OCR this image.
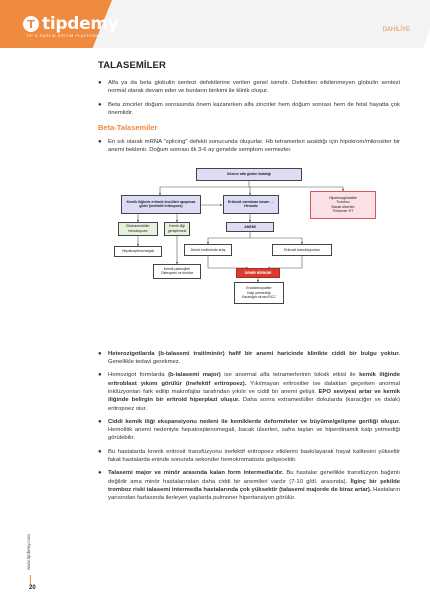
T tipdemy
TIP & SAĞLIK EĞİTİM PLATFORMU
DAHİLİYE
TALASEMİLER
● Alfa ya da beta globulin sentezi defektlerine verilen genel isimdir. Defektten etkilenmeyen globulin sentezi normal olarak devam eder ve bunların birikimi ile klinik oluşur.
● Beta zincirler doğum sonrasında önem kazanırken alfa zincirler hem doğum sonrası hem de fetal hayatta çok önemlidir.
Beta-Talasemiler
● En sık olarak mRNA "splicing" defekti sonucunda oluşurlar. Hb tetramerleri azaldığı için hipokrom/mikrositer bir anemi beklenir. Doğum sonrası ilk 3-6 ay genelde semptom vermezler.
Görece alfa globin fazlalığı
Kemik iliğinde eritroid öncülleri apoptoza gider (inefektif eritropoez)
Eritrosit membran hasarı → Hemoliz
Hiperkoagülabilite
Tromboz
Bacak ülserleri
Pulmoner HT
Ekstramedüller hematopoez
Kemik iliği genişlemesi
ANEMİ
Demir emiliminde artış	Eritrosit transfüzyonları
Hepatosplenomegali
Kemik patolojileri
Osteopeni ve kırıklar	DEMİR BİRİKİMİ
Endokrinopatiler
Kalp yetmezliği
Karaciğer sirozu/HCC
● Heterozigotlarda (b-talasemi trait/minör) hafif bir anemi haricinde klinikte ciddi bir bulgu yoktur. Genellikle tedavi gerekmez.
● Homozigot formlarda (b-talasemi major) ise anormal alfa tetramerlerinin toksik etkisi ile kemik iliğinde eritroblast yıkımı görülür (inefektif eritropoez). Yıkılmayan eritrositler ise dalaktan geçerken anormal inklüzyonları fark edilip makrofajlar tarafından yıkılır ve ciddi bir anemi gelişir. EPO seviyesi artar ve kemik iliğinde belirgin bir eritroid hiperplazi oluşur. Daha sonra extramedüller dokularda (karaciğer ve dalak) eritropoez olur.
● Ciddi kemik iliği ekspansiyonu nedeni ile kemiklerde deformiteler ve büyüme/gelişme geriliği oluşur. Hemolitik anemi nedeniyle hepatosplenomegali, bacak ülserleri, safra taşları ve hiperdinamik kalp yetmediği görülebilir.
● Bu hastalarda kronik eritrosit transfüzyonu inefektif eritropoez etkilerini baskılayarak hayat kalitesini yükseltir fakat hastalarda eninde sonunda sekonder hemokromatozis gelişecektir.
● Talasemi major ve minör arasında kalan form intermedia'dır. Bu hastalar genellikle transfüzyon bağımlı değildir ama minör hastalarından daha ciddi bir anemileri vardır (7-10 g/dl. arasında). İlginç bir şekilde tromboz riski talasemi intermedia hastalarında çok yüksektir (talasemi majorde de biraz artar). Hastaların yarısından fazlasında ilerleyen yaşlarda pulmoner hipertansiyon görülür.
www.tipdemy.com
20
